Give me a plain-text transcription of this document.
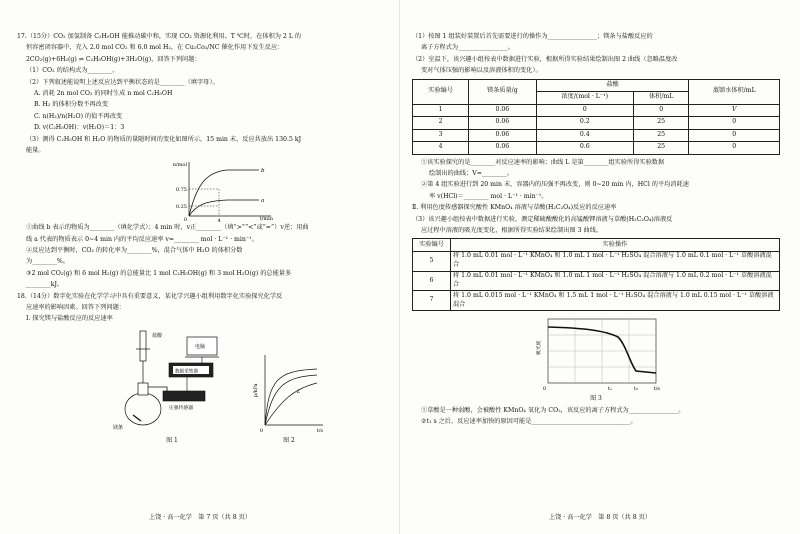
17.（15分）CO₂ 加氢制备 C₂H₅OH 能推动碳中和，实现 CO₂ 资源化利用。T ℃时，在体积为 2 L 的

恒容密闭容器中，充入 2.0 mol CO₂ 和 6.0 mol H₂，在 Cu₂Co₂/NC 催化作用下发生反应：

2CO₂(g)+6H₂(g) ⇌ C₂H₅OH(g)+3H₂O(g)，回答下列问题：

（1）CO₂ 的结构式为________。

（2）下列叙述能说明上述反应达到平衡状态的是________（填字母）。

A. 消耗 2n mol CO₂ 的同时生成 n mol C₂H₅OH

B. H₂ 的体积分数不再改变

C. n(H₂)/n(H₂O) 的值不再改变

D. v(C₂H₅OH)：v(H₂O)＝1：3

（3）测得 C₂H₅OH 和 H₂O 的物质的量随时间的变化如图所示，15 min 末，反应共放出 130.5 kJ

能量。

b
a
n/mol
t/min
0	4
0.75
0.25

①曲线 b 表示的物质为________（填化学式）；4 min 时，v正________（填“>”“<”或“=”）v逆；用曲

线 a 代表的物质表示 0~4 min 内的平均反应速率 v=________ mol · L⁻¹ · min⁻¹。

②反应达到平衡时，CO₂ 的转化率为________%，混合气体中 H₂O 的体积分数

为________%。

③2 mol CO₂(g) 和 6 mol H₂(g) 的总能量比 1 mol C₂H₅OH(g) 和 3 mol H₂O(g) 的总能量多

________kJ。

18.（14分）数字化实验在化学学习中具有重要意义，某化学兴趣小组利用数字化实验探究化学反

应速率的影响因素。回答下列问题：

Ⅰ. 探究镁与盐酸反应的反应速率

盐酸
电脑
数据采集器
压强传感器
镁条
图 1
L
p/kPa
t/s
0
图 2
上饶 · 高一化学　第 7 页（共 8 页）

（1）按图 1 组装好装置后首先需要进行的操作为________________；镁条与盐酸反应的

离子方程式为________________。

（2）室温下，该兴趣小组按表中数据进行实验，根据所得实验结果绘制出图 2 曲线（忽略温度改

变对气体压强的影响以及溶液体积的变化）。

实验编号	镁条质量/g	盐酸		蒸馏水体积/mL
		浓度/(mol · L⁻¹)	体积/mL	
1	0.06	0	0	V
2	0.06	0.2	25	0
3	0.06	0.4	25	0
4	0.06	0.6	25	0

①该实验探究的是________对反应速率的影响；曲线 L 是第________组实验所得实验数据

绘制出的曲线；V=________。

②第 4 组实验进行到 20 min 末，容器内的压强不再改变，则 0~20 min 内，HCl 的平均消耗速

率 v(HCl)＝________ mol · L⁻¹ · min⁻¹。

Ⅱ. 利用色度传感器探究酸性 KMnO₄ 溶液与草酸(H₂C₂O₄)反应的反应速率

（3）该兴趣小组按表中数据进行实验，测定稀硫酸酸化的高锰酸钾溶液与草酸(H₂C₂O₄)溶液反

应过程中溶液的吸光度变化，根据所得实验结果绘制出图 3 曲线。

实验编号	实验操作
5	将 1.0 mL 0.01 mol · L⁻¹ KMnO₄ 和 1.0 mL 1 mol · L⁻¹ H₂SO₄ 混合溶液与 1.0 mL 0.1 mol · L⁻¹ 草酸溶液混合
6	将 1.0 mL 0.01 mol · L⁻¹ KMnO₄ 和 1.0 mL 1 mol · L⁻¹ H₂SO₄ 混合溶液与 1.0 mL 0.2 mol · L⁻¹ 草酸溶液混合
7	将 1.0 mL 0.015 mol · L⁻¹ KMnO₄ 和 1.5 mL 1 mol · L⁻¹ H₂SO₄ 混合溶液与 1.0 mL 0.15 mol · L⁻¹ 草酸溶液混合
吸光度
0	t₁	t₂	t/s
图 3

①草酸是一种弱酸，会被酸性 KMnO₄ 氧化为 CO₂，该反应的离子方程式为________________。

②t₁ s 之后，反应速率加快的原因可能是________________________________。

上饶 · 高一化学　第 8 页（共 8 页）
